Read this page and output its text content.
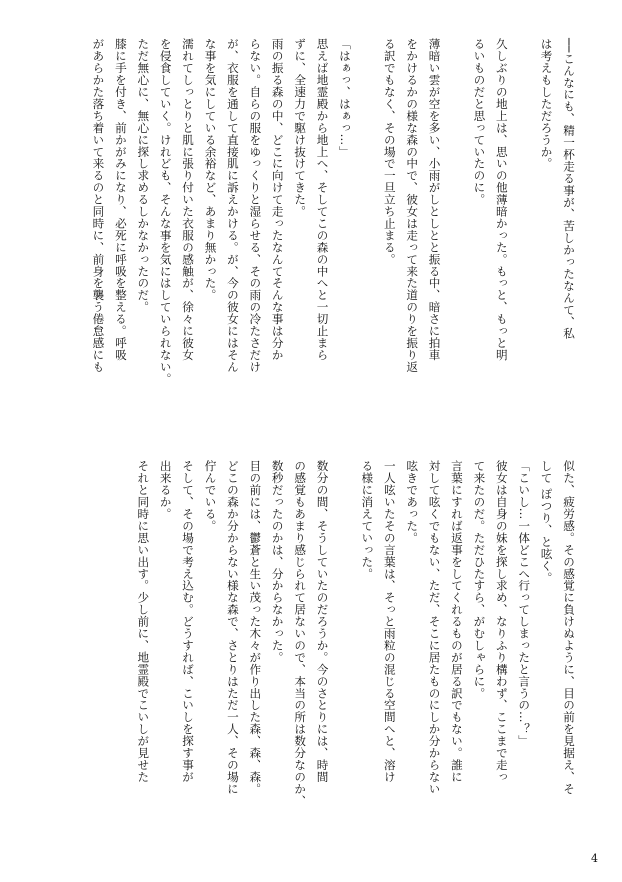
──こんなにも、精一杯走る事が、苦しかったなんて、私
は考えもしただろうか。

久しぶりの地上は、思いの他薄暗かった。もっと、もっと明
るいものだと思っていたのに。

薄暗い雲が空を多い、小雨がしとしとと振る中、暗さに拍車
をかけるかの様な森の中で、彼女は走って来た道のりを振り返
る訳でもなく、その場で一旦立ち止まる。

「はぁっ、はぁっ…」
思えば地霊殿から地上へ、そしてこの森の中へと一切止まら
ずに、全速力で駆け抜けてきた。
雨の振る森の中、どこに向けて走ったなんてそんな事は分か
らない。自らの服をゆっくりと湿らせる、その雨の冷たさだけ
が、衣服を通して直接肌に訴えかける。が、今の彼女にはそん
な事を気にしている余裕など、あまり無かった。
濡れてしっとりと肌に張り付いた衣服の感触が、徐々に彼女
を侵食していく。けれども、そんな事を気にはしていられない。
ただ無心に、無心に探し求めるしかなかったのだ。
膝に手を付き、前かがみになり、必死に呼吸を整える。呼吸
があらかた落ち着いて来るのと同時に、前身を襲う倦怠感にも
似た、疲労感。その感覚に負けぬように、目の前を見据え、そ
して ぽつり、と呟く。
「こいし…一体どこへ行ってしまったと言うの…？」
彼女は自身の妹を探し求め、なりふり構わず、ここまで走っ
て来たのだ。ただひたすら、がむしゃらに。
言葉にすれば返事をしてくれるものが居る訳でもない。誰に
対して呟くでもない、ただ、そこに居たものにしか分からない
呟きであった。
一人呟いたその言葉は、そっと雨粒の混じる空間へと、溶け
る様に消えていった。

数分の間、そうしていたのだろうか。今のさとりには、時間
の感覚もあまり感じられて居ないので、本当の所は数分なのか、
数秒だったのかは、分からなかった。
目の前には、鬱蒼と生い茂った木々が作り出した森、森、森。
どこの森か分からない様な森で、さとりはただ一人、その場に
佇んでいる。
そして、その場で考え込む。どうすれば、こいしを探す事が
出来るか。
それと同時に思い出す。少し前に、地霊殿でこいしが見せた
4
